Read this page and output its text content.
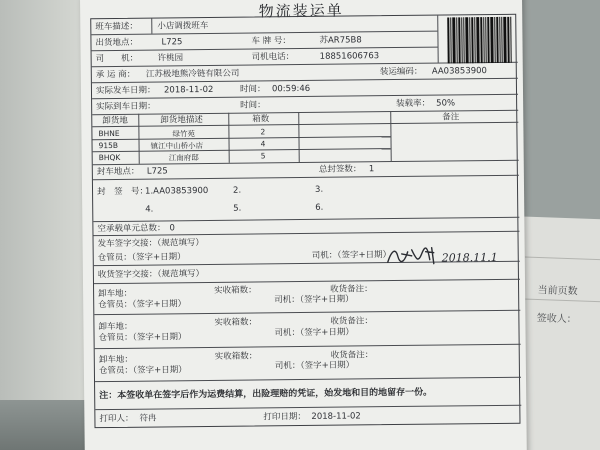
当前页数
签收人：
物流装运单
班车描述： 小店调拨班车
出货地点：	L725	车 牌 号：	苏AR75B8
司　　机： 许桃园	司机电话：	18851606763
承 运 商： 江苏极地熊冷链有限公司	装运编码： AA03853900
实际发车日期： 2018-11-02	时间： 00:59:46
实际到车日期：	时间：	装载率： 50%
卸货地	卸货地描述	箱数	备注
BHNE	绿竹苑	2
915B	镇江中山桥小店	4
BHQK	江南府邸	5
封车地点： L725	总封签数： 1
封　签　号：
1.AA03853900	2.	3.
4.	5.	6.
空承载单元总数： 0
发车签字交接：（规范填写）
仓管员：（签字+日期）	司机：（签字+日期）	2018.11.1
收货签字交接：（规范填写）
卸车地：
仓管员：（签字+日期）
实收箱数：
司机：（签字+日期）
收货备注：
卸车地：
仓管员：（签字+日期）
实收箱数：
司机：（签字+日期）
收货备注：
卸车地：
仓管员：（签字+日期）
实收箱数：
司机：（签字+日期）
收货备注：
注：本签收单在签字后作为运费结算，出险理赔的凭证，始发地和目的地留存一份。
打印人： 符冉	打印日期： 2018-11-02
